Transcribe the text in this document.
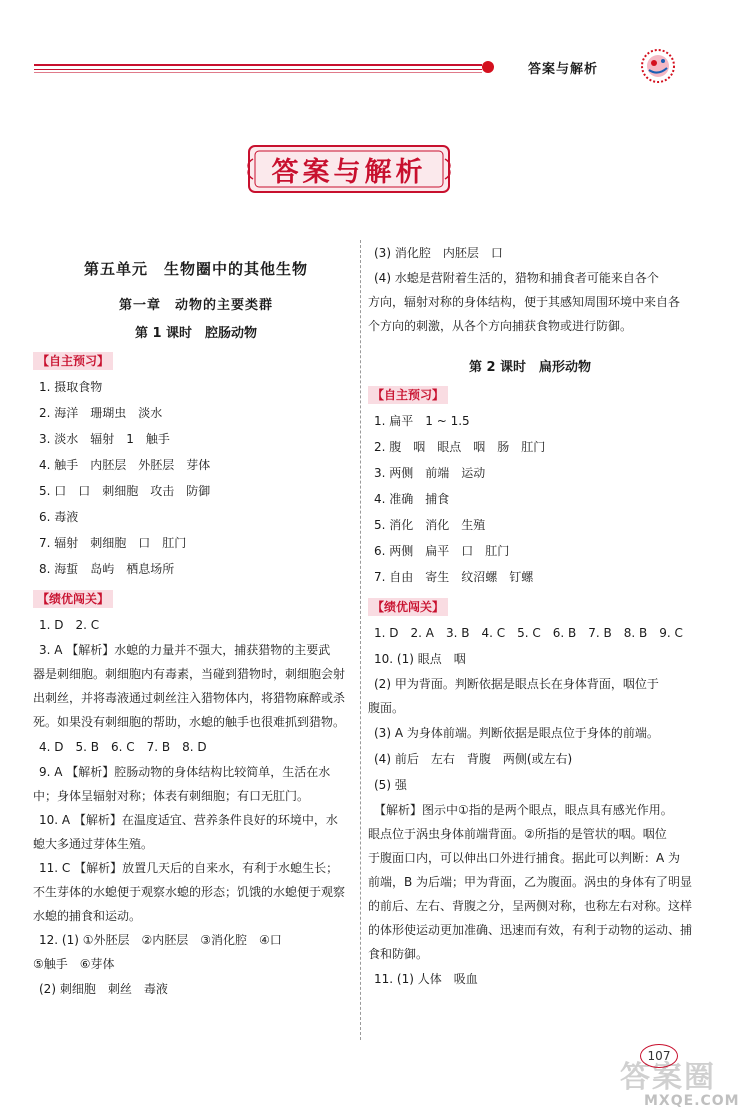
答案与解析
答案与解析
第五单元　生物圈中的其他生物
第一章　动物的主要类群
第 1 课时　腔肠动物
【 自主预习 】
1. 摄取食物
2. 海洋　珊瑚虫　淡水
3. 淡水　辐射　1　触手
4. 触手　内胚层　外胚层　芽体
5. 口　口　刺细胞　攻击　防御
6. 毒液
7. 辐射　刺细胞　口　肛门
8. 海蜇　岛屿　栖息场所
【 绩优闯关 】
1. D　2. C
3. A 【解析】水螅的力量并不强大，捕获猎物的主要武
器是刺细胞。刺细胞内有毒素，当碰到猎物时，刺细胞会射
出刺丝，并将毒液通过刺丝注入猎物体内，将猎物麻醉或杀
死。如果没有刺细胞的帮助，水螅的触手也很难抓到猎物。
4. D　5. B　6. C　7. B　8. D
9. A 【解析】腔肠动物的身体结构比较简单，生活在水
中；身体呈辐射对称；体表有刺细胞；有口无肛门。
10. A 【解析】在温度适宜、营养条件良好的环境中，水
螅大多通过芽体生殖。
11. C 【解析】放置几天后的自来水，有利于水螅生长；
不生芽体的水螅便于观察水螅的形态；饥饿的水螅便于观察
水螅的捕食和运动。
12. (1) ①外胚层　②内胚层　③消化腔　④口
⑤触手　⑥芽体
(2) 刺细胞　刺丝　毒液
(3) 消化腔　内胚层　口
(4) 水螅是营附着生活的，猎物和捕食者可能来自各个
方向，辐射对称的身体结构，便于其感知周围环境中来自各
个方向的刺激，从各个方向捕获食物或进行防御。
第 2 课时　扁形动物
【 自主预习 】
1. 扁平　1 ~ 1.5
2. 腹　咽　眼点　咽　肠　肛门
3. 两侧　前端　运动
4. 准确　捕食
5. 消化　消化　生殖
6. 两侧　扁平　口　肛门
7. 自由　寄生　纹沼螺　钉螺
【 绩优闯关 】
1. D　2. A　3. B　4. C　5. C　6. B　7. B　8. B　9. C
10. (1) 眼点　咽
(2) 甲为背面。判断依据是眼点长在身体背面，咽位于
腹面。
(3) A 为身体前端。判断依据是眼点位于身体的前端。
(4) 前后　左右　背腹　两侧(或左右)
(5) 强
【解析】图示中①指的是两个眼点，眼点具有感光作用。
眼点位于涡虫身体前端背面。②所指的是管状的咽。咽位
于腹面口内，可以伸出口外进行捕食。据此可以判断：A 为
前端，B 为后端；甲为背面，乙为腹面。涡虫的身体有了明显
的前后、左右、背腹之分，呈两侧对称，也称左右对称。这样
的体形使运动更加准确、迅速而有效，有利于动物的运动、捕
食和防御。
11. (1) 人体　吸血
答案圈
107
MXQE.COM
